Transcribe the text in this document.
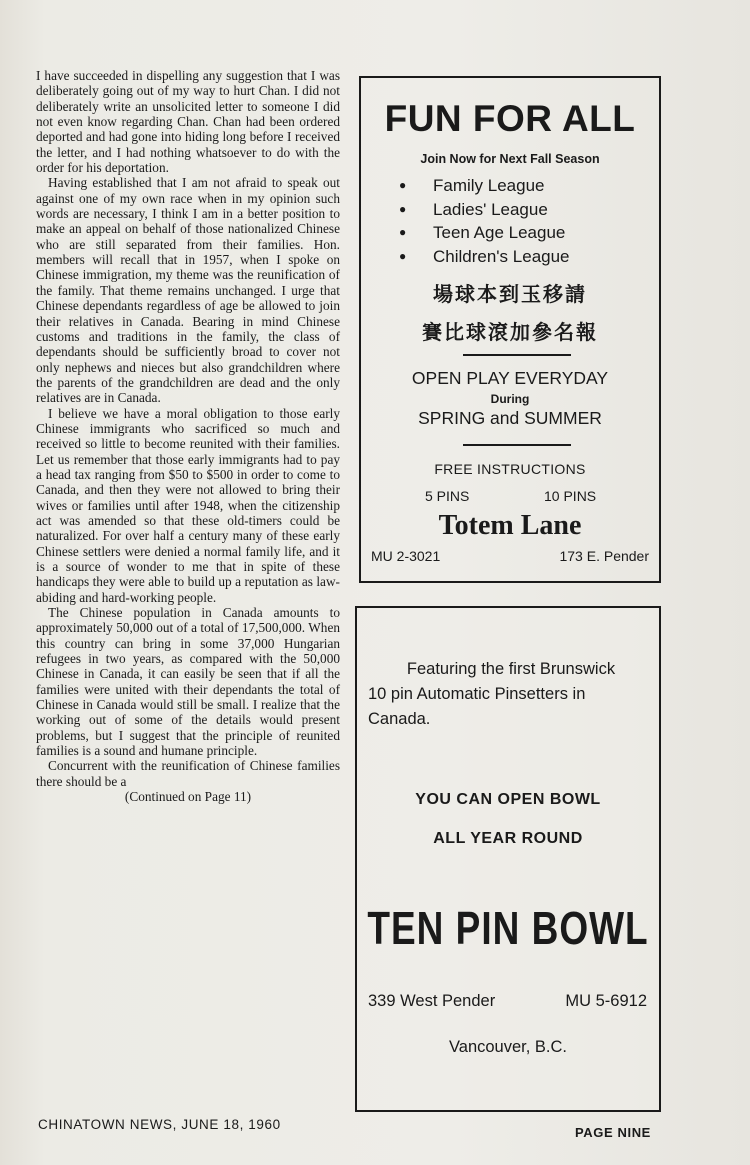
I have succeeded in dispelling any suggestion that I was deliberately going out of my way to hurt Chan. I did not deliberately write an unsolicited letter to someone I did not even know regarding Chan. Chan had been ordered deported and had gone into hiding long before I received the letter, and I had nothing whatsoever to do with the order for his deportation.

Having established that I am not afraid to speak out against one of my own race when in my opinion such words are necessary, I think I am in a better position to make an appeal on behalf of those nationalized Chinese who are still separated from their families. Hon. members will recall that in 1957, when I spoke on Chinese immigration, my theme was the reunification of the family. That theme remains unchanged. I urge that Chinese dependants regardless of age be allowed to join their relatives in Canada. Bearing in mind Chinese customs and traditions in the family, the class of dependants should be sufficiently broad to cover not only nephews and nieces but also grandchildren where the parents of the grandchildren are dead and the only relatives are in Canada.

I believe we have a moral obligation to those early Chinese immigrants who sacrificed so much and received so little to become reunited with their families. Let us remember that those early immigrants had to pay a head tax ranging from $50 to $500 in order to come to Canada, and then they were not allowed to bring their wives or families until after 1948, when the citizenship act was amended so that these old-timers could be naturalized. For over half a century many of these early Chinese settlers were denied a normal family life, and it is a source of wonder to me that in spite of these handicaps they were able to build up a reputation as law-abiding and hard-working people.

The Chinese population in Canada amounts to approximately 50,000 out of a total of 17,500,000. When this country can bring in some 37,000 Hungarian refugees in two years, as compared with the 50,000 Chinese in Canada, it can easily be seen that if all the families were united with their dependants the total of Chinese in Canada would still be small. I realize that the working out of some of the details would present problems, but I suggest that the principle of reunited families is a sound and humane principle.

Concurrent with the reunification of Chinese families there should be a

(Continued on Page 11)

FUN FOR ALL
Join Now for Next Fall Season
● Family League
● Ladies' League
● Teen Age League
● Children's League
場球本到玉移請
賽比球滾加參名報
OPEN PLAY EVERYDAY
During
SPRING and SUMMER
FREE INSTRUCTIONS
5 PINS	10 PINS
Totem Lane
MU 2-3021	173 E. Pender
Featuring the first Brunswick
10 pin Automatic Pinsetters in
Canada.
YOU CAN OPEN BOWL
ALL YEAR ROUND
TEN PIN BOWL
339 West Pender	MU 5-6912
Vancouver, B.C.
CHINATOWN NEWS, JUNE 18, 1960
PAGE NINE
